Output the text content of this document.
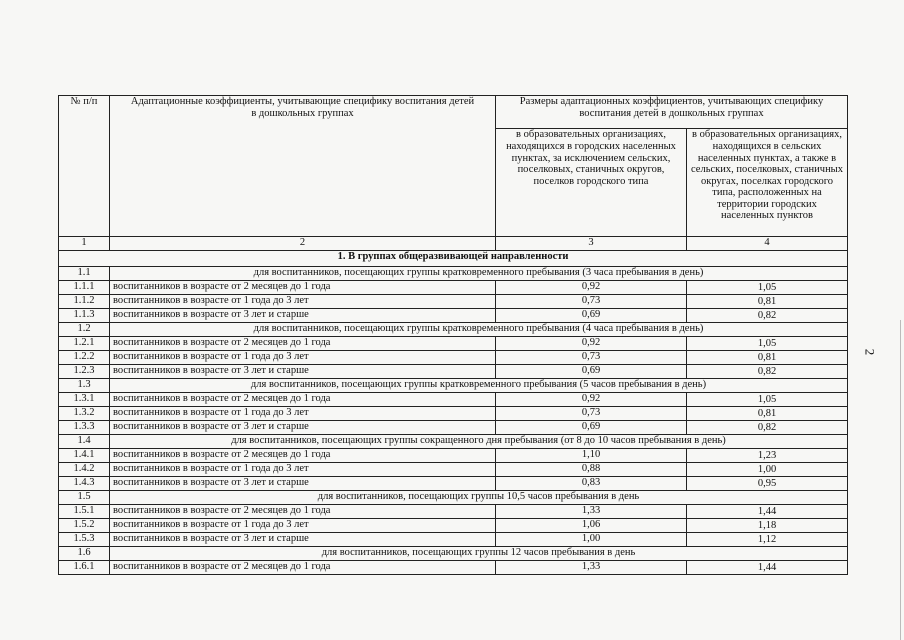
2
№ п/п	Адаптационные коэффициенты, учитывающие специфику воспитания детей в дошкольных группах	Размеры адаптационных коэффициентов, учитывающих специфику воспитания детей в дошкольных группах	
		в образовательных организациях, находящихся в городских населенных пунктах, за исключением сельских, поселковых, станичных округов, поселков городского типа	в образовательных организациях, находящихся в сельских населенных пунктах, а также в сельских, поселковых, станичных округах, поселках городского типа, расположенных на территории городских населенных пунктов
1	2	3	4
1. В группах общеразвивающей направленности			
1.1	для воспитанников, посещающих группы кратковременного пребывания (3 часа пребывания в день)		
1.1.1	воспитанников в возрасте от 2 месяцев до 1 года	0,92	1,05
1.1.2	воспитанников в возрасте от 1 года до 3 лет	0,73	0,81
1.1.3	воспитанников в возрасте от 3 лет и старше	0,69	0,82
1.2	для воспитанников, посещающих группы кратковременного пребывания (4 часа пребывания в день)		
1.2.1	воспитанников в возрасте от 2 месяцев до 1 года	0,92	1,05
1.2.2	воспитанников в возрасте от 1 года до 3 лет	0,73	0,81
1.2.3	воспитанников в возрасте от 3 лет и старше	0,69	0,82
1.3	для воспитанников, посещающих группы кратковременного пребывания (5 часов пребывания в день)		
1.3.1	воспитанников в возрасте от 2 месяцев до 1 года	0,92	1,05
1.3.2	воспитанников в возрасте от 1 года до 3 лет	0,73	0,81
1.3.3	воспитанников в возрасте от 3 лет и старше	0,69	0,82
1.4	для воспитанников, посещающих группы сокращенного дня пребывания (от 8 до 10 часов пребывания в день)		
1.4.1	воспитанников в возрасте от 2 месяцев до 1 года	1,10	1,23
1.4.2	воспитанников в возрасте от 1 года до 3 лет	0,88	1,00
1.4.3	воспитанников в возрасте от 3 лет и старше	0,83	0,95
1.5	для воспитанников, посещающих группы 10,5 часов пребывания в день		
1.5.1	воспитанников в возрасте от 2 месяцев до 1 года	1,33	1,44
1.5.2	воспитанников в возрасте от 1 года до 3 лет	1,06	1,18
1.5.3	воспитанников в возрасте от 3 лет и старше	1,00	1,12
1.6	для воспитанников, посещающих группы 12 часов пребывания в день		
1.6.1	воспитанников в возрасте от 2 месяцев до 1 года	1,33	1,44
